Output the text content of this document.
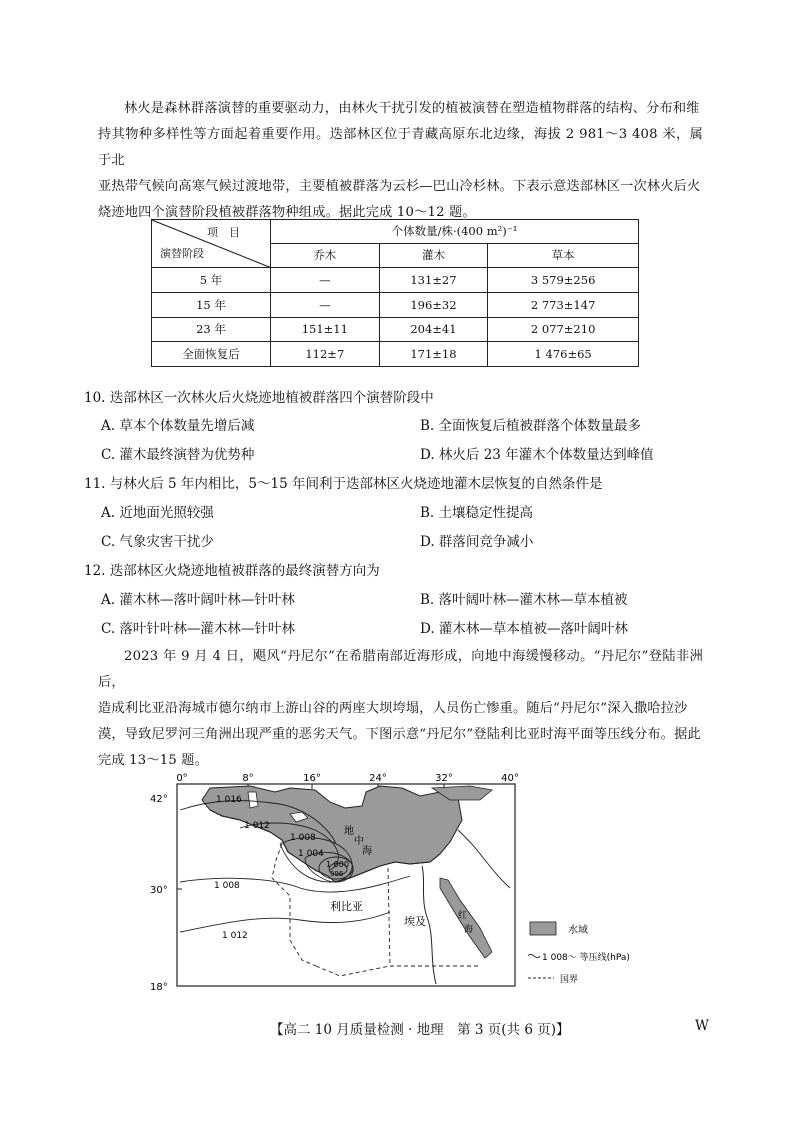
林火是森林群落演替的重要驱动力，由林火干扰引发的植被演替在塑造植物群落的结构、分布和维
持其物种多样性等方面起着重要作用。迭部林区位于青藏高原东北边缘，海拔 2 981～3 408 米，属于北
亚热带气候向高寒气候过渡地带，主要植被群落为云杉—巴山冷杉林。下表示意迭部林区一次林火后火
烧迹地四个演替阶段植被群落物种组成。据此完成 10～12 题。
项　目
演替阶段	个体数量/株·(400 m²)⁻¹		
	乔木	灌木	草本
5 年	—	131±27	3 579±256
15 年	—	196±32	2 773±147
23 年	151±11	204±41	2 077±210
全面恢复后	112±7	171±18	1 476±65
10. 迭部林区一次林火后火烧迹地植被群落四个演替阶段中
A. 草本个体数量先增后减	B. 全面恢复后植被群落个体数量最多
C. 灌木最终演替为优势种	D. 林火后 23 年灌木个体数量达到峰值
11. 与林火后 5 年内相比，5～15 年间利于迭部林区火烧迹地灌木层恢复的自然条件是
A. 近地面光照较强	B. 土壤稳定性提高
C. 气象灾害干扰少	D. 群落间竞争减小
12. 迭部林区火烧迹地植被群落的最终演替方向为
A. 灌木林—落叶阔叶林—针叶林	B. 落叶阔叶林—灌木林—草本植被
C. 落叶针叶林—灌木林—针叶林	D. 灌木林—草本植被—落叶阔叶林
2023 年 9 月 4 日，飓风“丹尼尔”在希腊南部近海形成，向地中海缓慢移动。“丹尼尔”登陆非洲后，
造成利比亚沿海城市德尔纳市上游山谷的两座大坝垮塌，人员伤亡惨重。随后“丹尼尔”深入撒哈拉沙
漠，导致尼罗河三角洲出现严重的恶劣天气。下图示意“丹尼尔”登陆利比亚时海平面等压线分布。据此
完成 13～15 题。
0°	8°	16°	24°	32°	40°
42°
30°
18°
1 016
1 012
1 008
1 004
1 000
996
1 008
1 012
地
中
海
红
海
利比亚
埃及
水域
1 008～ 等压线(hPa)
国界
【高二 10 月质量检测 · 地理　第 3 页(共 6 页)】	W
